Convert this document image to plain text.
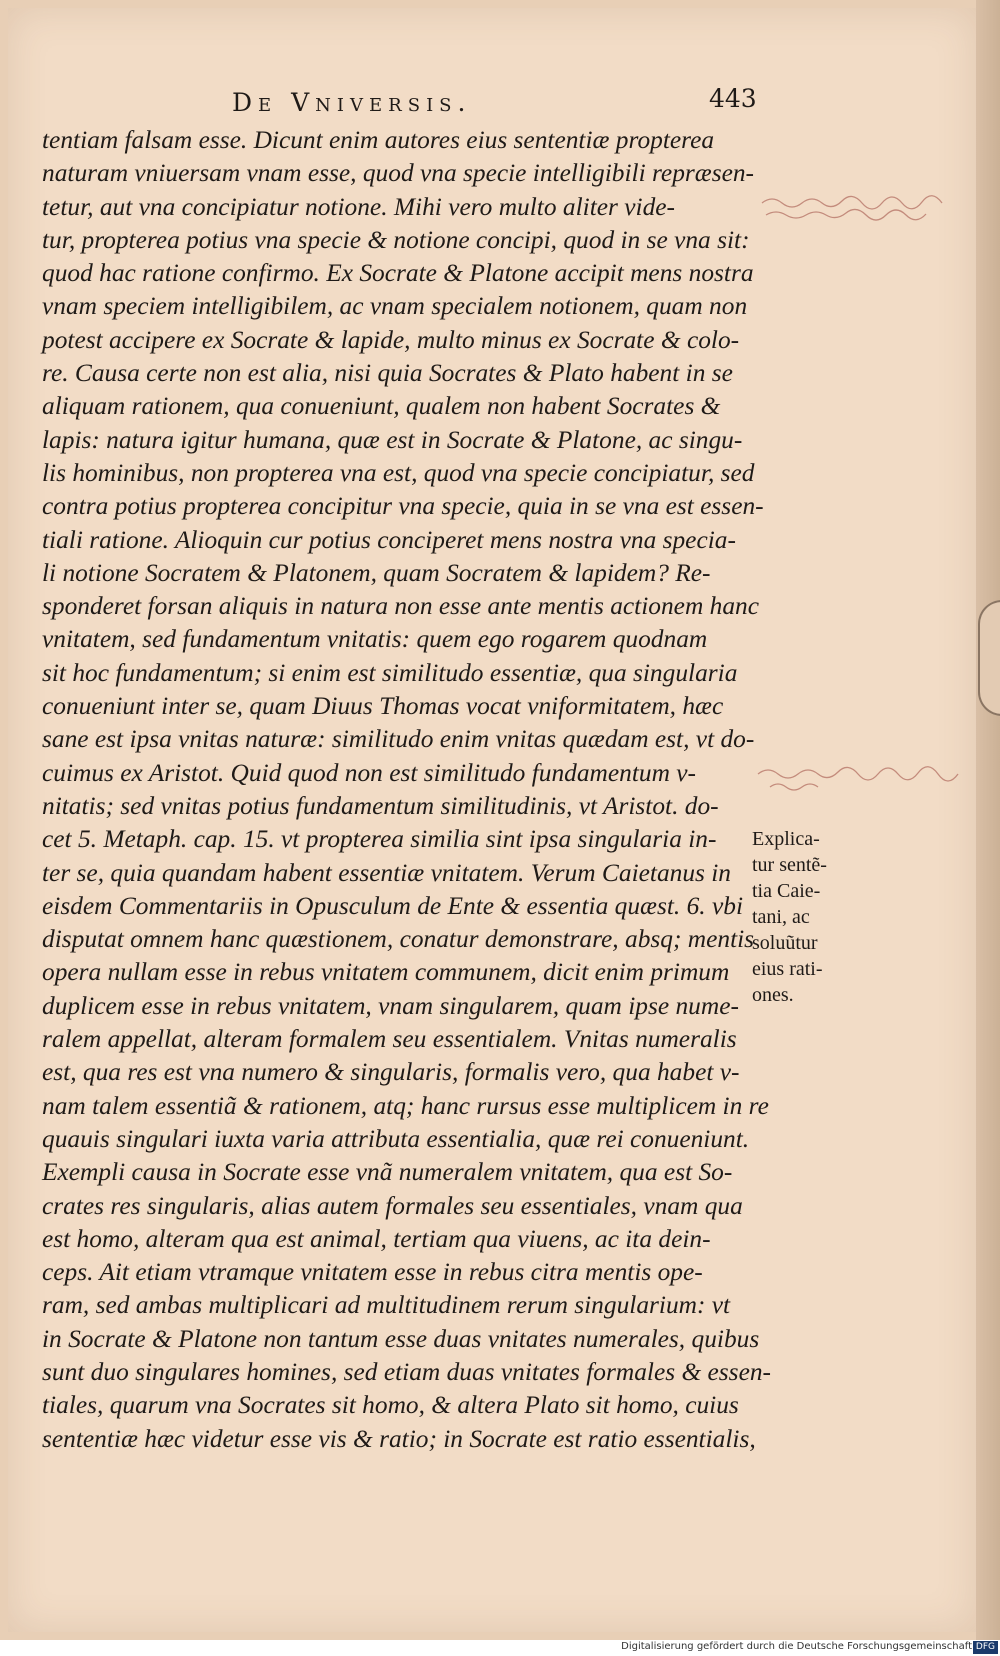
De Vniversis.	443
tentiam falsam esse. Dicunt enim autores eius sententiæ propterea
naturam vniuersam vnam esse, quod vna specie intelligibili repræsen-
tetur, aut vna concipiatur notione. Mihi vero multo aliter vide-
tur, propterea potius vna specie & notione concipi, quod in se vna sit:
quod hac ratione confirmo. Ex Socrate & Platone accipit mens nostra
vnam speciem intelligibilem, ac vnam specialem notionem, quam non
potest accipere ex Socrate & lapide, multo minus ex Socrate & colo-
re. Causa certe non est alia, nisi quia Socrates & Plato habent in se
aliquam rationem, qua conueniunt, qualem non habent Socrates &
lapis: natura igitur humana, quæ est in Socrate & Platone, ac singu-
lis hominibus, non propterea vna est, quod vna specie concipiatur, sed
contra potius propterea concipitur vna specie, quia in se vna est essen-
tiali ratione. Alioquin cur potius conciperet mens nostra vna specia-
li notione Socratem & Platonem, quam Socratem & lapidem? Re-
sponderet forsan aliquis in natura non esse ante mentis actionem hanc
vnitatem, sed fundamentum vnitatis: quem ego rogarem quodnam
sit hoc fundamentum; si enim est similitudo essentiæ, qua singularia
conueniunt inter se, quam Diuus Thomas vocat vniformitatem, hæc
sane est ipsa vnitas naturæ: similitudo enim vnitas quædam est, vt do-
cuimus ex Aristot. Quid quod non est similitudo fundamentum v-
nitatis; sed vnitas potius fundamentum similitudinis, vt Aristot. do-
cet 5. Metaph. cap. 15. vt propterea similia sint ipsa singularia in-
ter se, quia quandam habent essentiæ vnitatem. Verum Caietanus in
eisdem Commentariis in Opusculum de Ente & essentia quæst. 6. vbi
disputat omnem hanc quæstionem, conatur demonstrare, absq; mentis
opera nullam esse in rebus vnitatem communem, dicit enim primum
duplicem esse in rebus vnitatem, vnam singularem, quam ipse nume-
ralem appellat, alteram formalem seu essentialem. Vnitas numeralis
est, qua res est vna numero & singularis, formalis vero, qua habet v-
nam talem essentiã & rationem, atq; hanc rursus esse multiplicem in re
quauis singulari iuxta varia attributa essentialia, quæ rei conueniunt.
Exempli causa in Socrate esse vnã numeralem vnitatem, qua est So-
crates res singularis, alias autem formales seu essentiales, vnam qua
est homo, alteram qua est animal, tertiam qua viuens, ac ita dein-
ceps. Ait etiam vtramque vnitatem esse in rebus citra mentis ope-
ram, sed ambas multiplicari ad multitudinem rerum singularium: vt
in Socrate & Platone non tantum esse duas vnitates numerales, quibus
sunt duo singulares homines, sed etiam duas vnitates formales & essen-
tiales, quarum vna Socrates sit homo, & altera Plato sit homo, cuius
sententiæ hæc videtur esse vis & ratio; in Socrate est ratio essentialis,
Explica-
tur sentẽ-
tia Caie-
tani, ac
soluũtur
eius rati-
ones.
Digitalisierung gefördert durch die Deutsche Forschungsgemeinschaft DFG
